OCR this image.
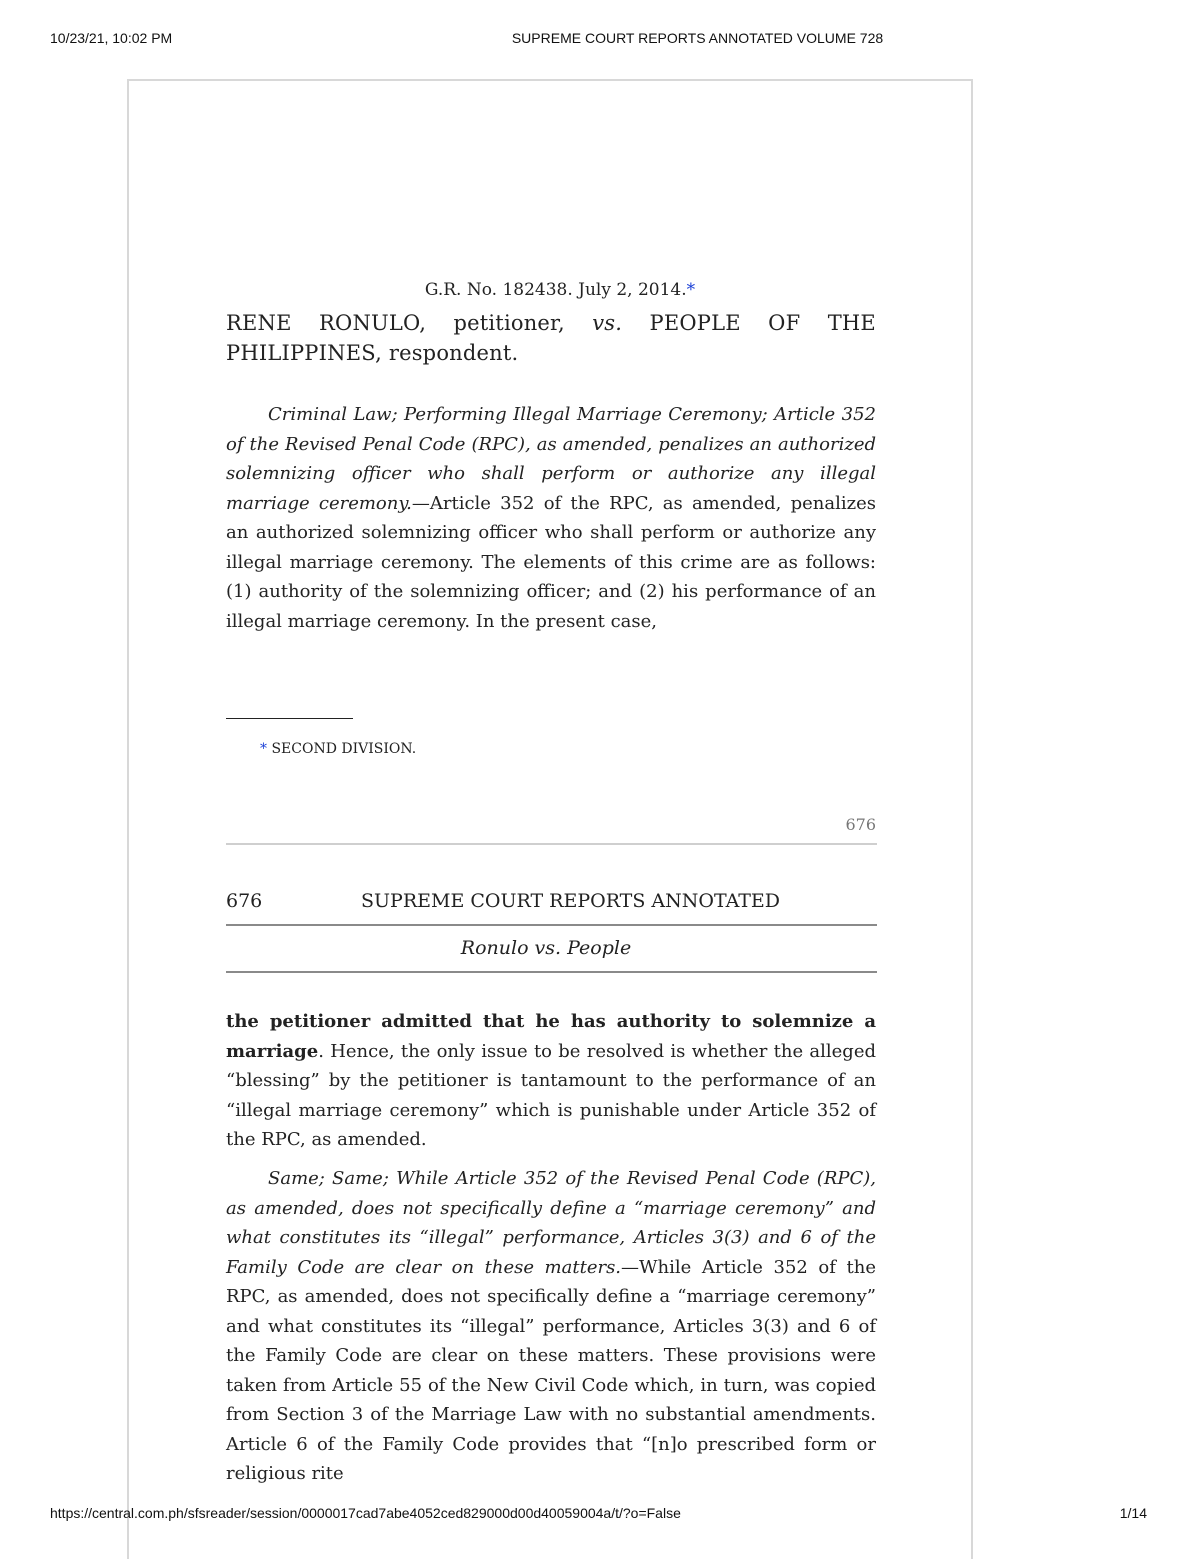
10/23/21, 10:02 PM	SUPREME COURT REPORTS ANNOTATED VOLUME 728
G.R. No. 182438. July 2, 2014.*
RENE RONULO, petitioner, vs. PEOPLE OF THE
PHILIPPINES, respondent.

Criminal Law; Performing Illegal Marriage Ceremony; Article 352 of the Revised Penal Code (RPC), as amended, penalizes an authorized solemnizing officer who shall perform or authorize any illegal marriage ceremony.—Article 352 of the RPC, as amended, penalizes an authorized solemnizing officer who shall perform or authorize any illegal marriage ceremony. The elements of this crime are as follows: (1) authority of the solemnizing officer; and (2) his performance of an illegal marriage ceremony. In the present case,

* SECOND DIVISION.
676
676	SUPREME COURT REPORTS ANNOTATED
Ronulo vs. People

the petitioner admitted that he has authority to solemnize a marriage. Hence, the only issue to be resolved is whether the alleged “blessing” by the petitioner is tantamount to the performance of an “illegal marriage ceremony” which is punishable under Article 352 of the RPC, as amended.

Same; Same; While Article 352 of the Revised Penal Code (RPC), as amended, does not specifically define a “marriage ceremony” and what constitutes its “illegal” performance, Articles 3(3) and 6 of the Family Code are clear on these matters.—While Article 352 of the RPC, as amended, does not specifically define a “marriage ceremony” and what constitutes its “illegal” performance, Articles 3(3) and 6 of the Family Code are clear on these matters. These provisions were taken from Article 55 of the New Civil Code which, in turn, was copied from Section 3 of the Marriage Law with no substantial amendments. Article 6 of the Family Code provides that “[n]o prescribed form or religious rite

https://central.com.ph/sfsreader/session/0000017cad7abe4052ced829000d00d40059004a/t/?o=False	1/14
